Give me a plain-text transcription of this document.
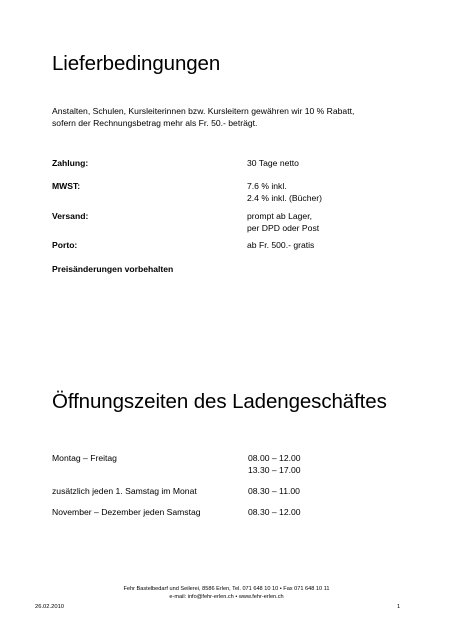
Lieferbedingungen
Anstalten, Schulen, Kursleiterinnen bzw. Kursleitern gewähren wir 10 % Rabatt,
sofern der Rechnungsbetrag mehr als Fr. 50.- beträgt.
Zahlung:	30 Tage netto
MWST:	7.6 % inkl.
2.4 % inkl. (Bücher)
Versand:	prompt ab Lager,
per DPD oder Post
Porto:	ab Fr. 500.- gratis
Preisänderungen vorbehalten
Öffnungszeiten des Ladengeschäftes
Montag – Freitag	08.00 – 12.00
13.30 – 17.00
zusätzlich jeden 1. Samstag im Monat	08.30 – 11.00
November – Dezember jeden Samstag	08.30 – 12.00
Fehr Bastelbedarf und Seilerei, 8586 Erlen, Tel. 071 648 10 10 • Fax 071 648 10 11
e-mail: info@fehr-erlen.ch • www.fehr-erlen.ch
26.02.2010	1
